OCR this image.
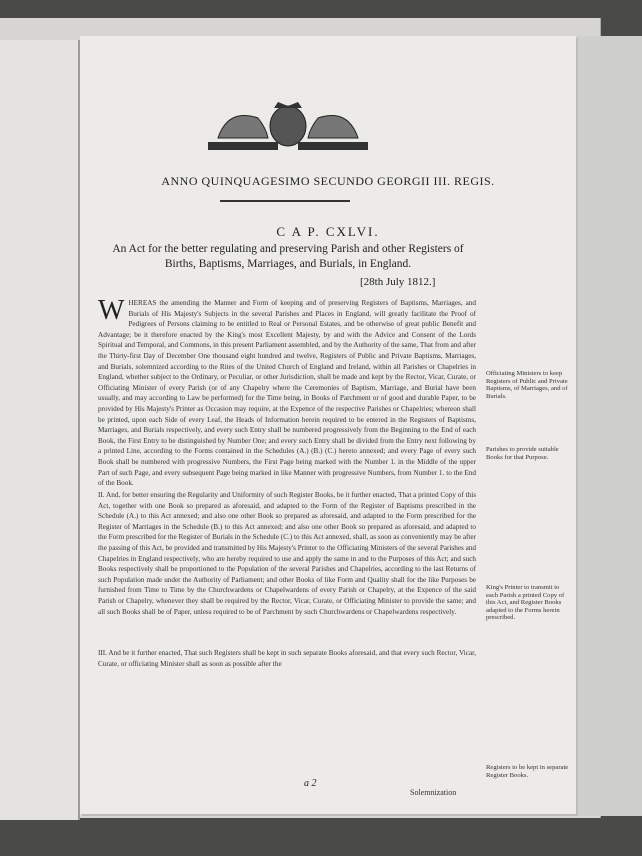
ANNO QUINQUAGESIMO SECUNDO GEORGII III. REGIS.
C A P. CXLVI.
An Act for the better regulating and preserving Parish and other Registers of Births, Baptisms, Marriages, and Burials, in England.
[28th July 1812.]
W HEREAS the amending the Manner and Form of keeping and of preserving Registers of Baptisms, Marriages, and Burials of His Majesty's Subjects in the several Parishes and Places in England, will greatly facilitate the Proof of Pedigrees of Persons claiming to be entitled to Real or Personal Estates, and be otherwise of great public Benefit and Advantage; be it therefore enacted by the King's most Excellent Majesty, by and with the Advice and Consent of the Lords Spiritual and Temporal, and Commons, in this present Parliament assembled, and by the Authority of the same, That from and after the Thirty-first Day of December One thousand eight hundred and twelve, Registers of Public and Private Baptisms, Marriages, and Burials, solemnized according to the Rites of the United Church of England and Ireland, within all Parishes or Chapelries in England, whether subject to the Ordinary, or Peculiar, or other Jurisdiction, shall be made and kept by the Rector, Vicar, Curate, or Officiating Minister of every Parish (or of any Chapelry where the Ceremonies of Baptism, Marriage, and Burial have been usually, and may according to Law be performed) for the Time being, in Books of Parchment or of good and durable Paper, to be provided by His Majesty's Printer as Occasion may require, at the Expence of the respective Parishes or Chapelries; whereon shall be printed, upon each Side of every Leaf, the Heads of Information herein required to be entered in the Registers of Baptisms, Marriages, and Burials respectively, and every such Entry shall be numbered progressively from the Beginning to the End of each Book, the First Entry to be distinguished by Number One; and every such Entry shall be divided from the Entry next following by a printed Line, according to the Forms contained in the Schedules (A.) (B.) (C.) hereto annexed; and every Page of every such Book shall be numbered with progressive Numbers, the First Page being marked with the Number 1. in the Middle of the upper Part of such Page, and every subsequent Page being marked in like Manner with progressive Numbers, from Number 1. to the End of the Book.
II. And, for better ensuring the Regularity and Uniformity of such Register Books, be it further enacted, That a printed Copy of this Act, together with one Book so prepared as aforesaid, and adapted to the Form of the Register of Baptisms prescribed in the Schedule (A.) to this Act annexed; and also one other Book so prepared as aforesaid, and adapted to the Form prescribed for the Register of Marriages in the Schedule (B.) to this Act annexed; and also one other Book so prepared as aforesaid, and adapted to the Form prescribed for the Register of Burials in the Schedule (C.) to this Act annexed, shall, as soon as conveniently may be after the passing of this Act, be provided and transmitted by His Majesty's Printer to the Officiating Ministers of the several Parishes and Chapelries in England respectively, who are hereby required to use and apply the same in and to the Purposes of this Act; and such Books respectively shall be proportioned to the Population of the several Parishes and Chapelries, according to the last Returns of such Population made under the Authority of Parliament; and other Books of like Form and Quality shall for the like Purposes be furnished from Time to Time by the Churchwardens or Chapelwardens of every Parish or Chapelry, at the Expence of the said Parish or Chapelry, whenever they shall be required by the Rector, Vicar, Curate, or Officiating Minister to provide the same; and all such Books shall be of Paper, unless required to be of Parchment by such Churchwardens or Chapelwardens respectively.
III. And be it further enacted, That such Registers shall be kept in such separate Books aforesaid, and that every such Rector, Vicar, Curate, or officiating Minister shall as soon as possible after the
Officiating Ministers to keep Registers of Public and Private Baptisms, of Marriages, and of Burials.
Parishes to provide suitable Books for that Purpose.
King's Printer to transmit to each Parish a printed Copy of this Act, and Register Books adapted to the Forms herein prescribed.
Registers to be kept in separate Register Books.
a 2
Solemnization
